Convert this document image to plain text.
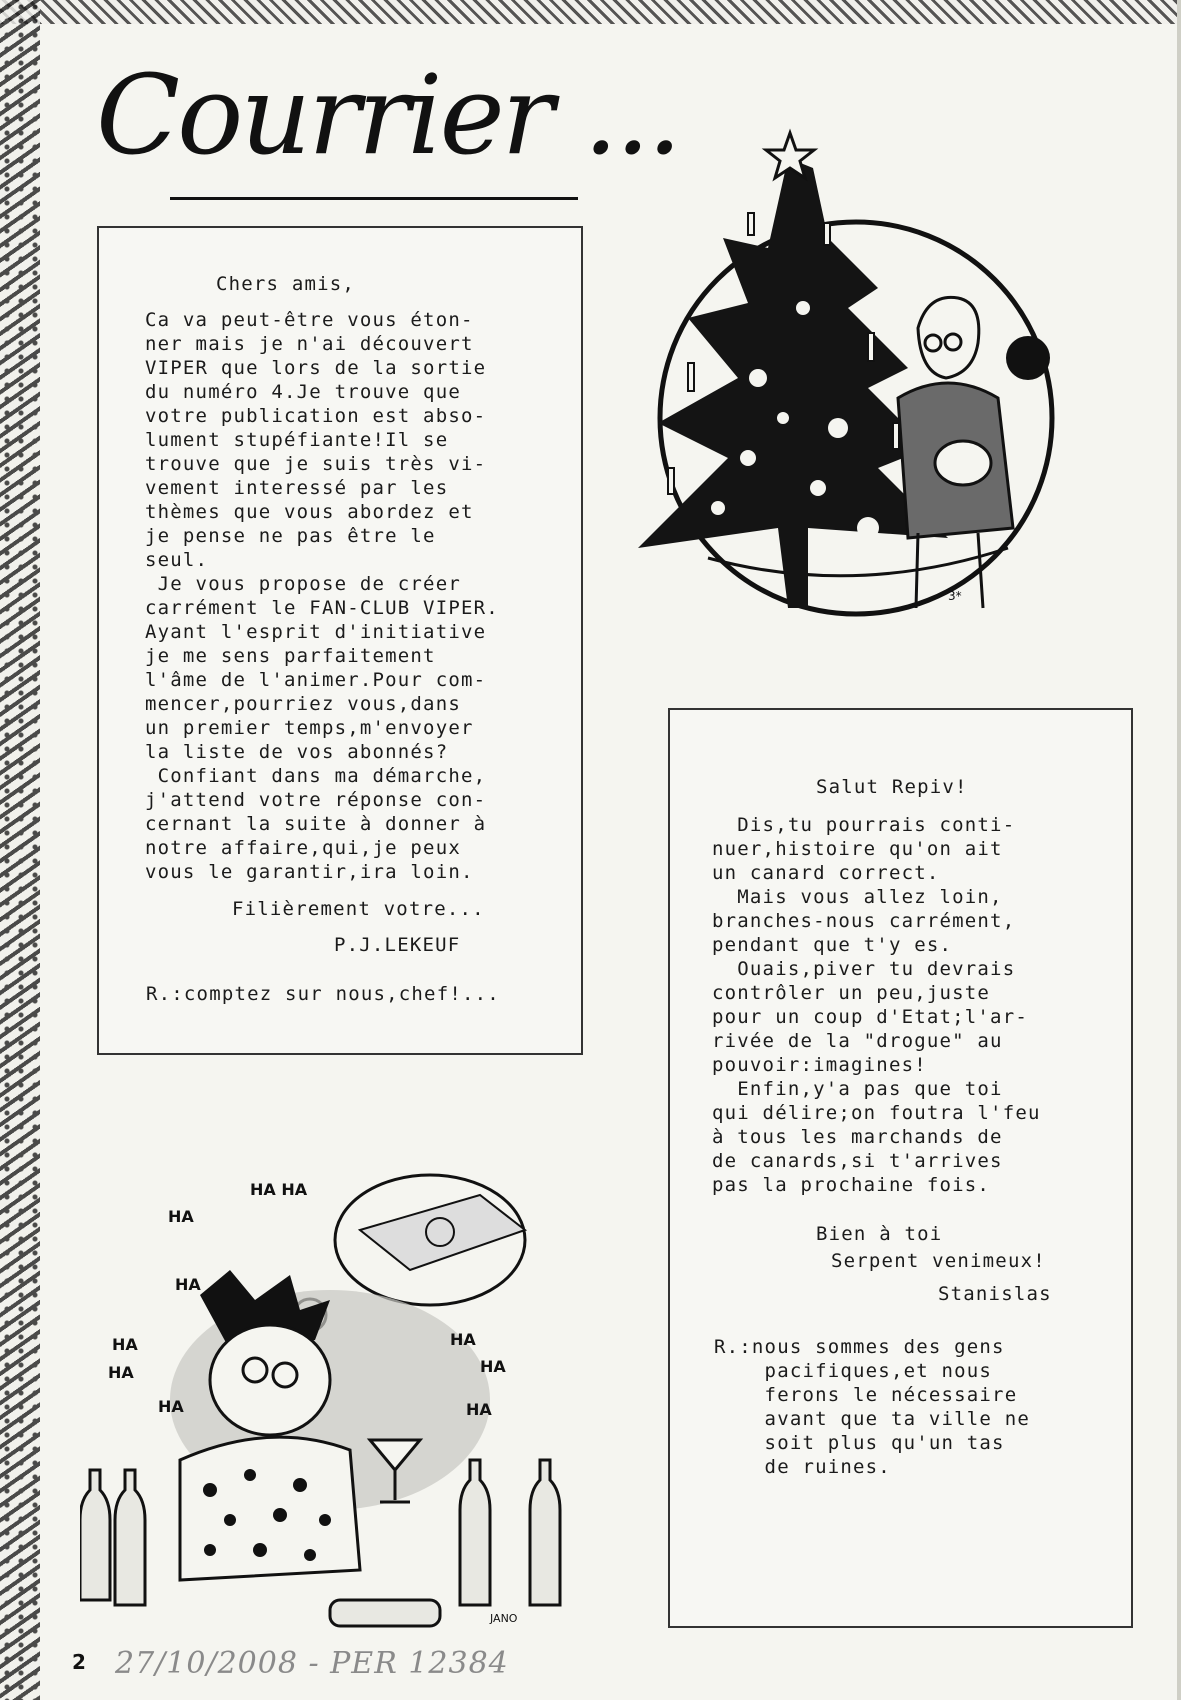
Courrier ...
Chers amis,
Ca va peut-être vous éton-
ner mais je n'ai découvert
VIPER que lors de la sortie
du numéro 4.Je trouve que
votre publication est abso-
lument stupéfiante!Il se
trouve que je suis très vi-
vement interessé par les
thèmes que vous abordez et
je pense ne pas être le
seul.
Je vous propose de créer
carrément le FAN-CLUB VIPER.
Ayant l'esprit d'initiative
je me sens parfaitement
l'âme de l'animer.Pour com-
mencer,pourriez vous,dans
un premier temps,m'envoyer
la liste de vos abonnés?
Confiant dans ma démarche,
j'attend votre réponse con-
cernant la suite à donner à
notre affaire,qui,je peux
vous le garantir,ira loin.
Filièrement votre...
P.J.LEKEUF
R.:comptez sur nous,chef!...
Salut Repiv!
Dis,tu pourrais conti-
nuer,histoire qu'on ait
un canard correct.
Mais vous allez loin,
branches-nous carrément,
pendant que t'y es.
Ouais,piver tu devrais
contrôler un peu,juste
pour un coup d'Etat;l'ar-
rivée de la "drogue" au
pouvoir:imagines!
Enfin,y'a pas que toi
qui délire;on foutra l'feu
à tous les marchands de
de canards,si t'arrives
pas la prochaine fois.
Bien à toi
Serpent venimeux!
Stanislas
R.:nous sommes des gens
pacifiques,et nous
ferons le nécessaire
avant que ta ville ne
soit plus qu'un tas
de ruines.
3*
HA HA
HA
HA
HA
HA
HA
HA
HA
HA
JANO
2 27/10/2008 - PER 12384
